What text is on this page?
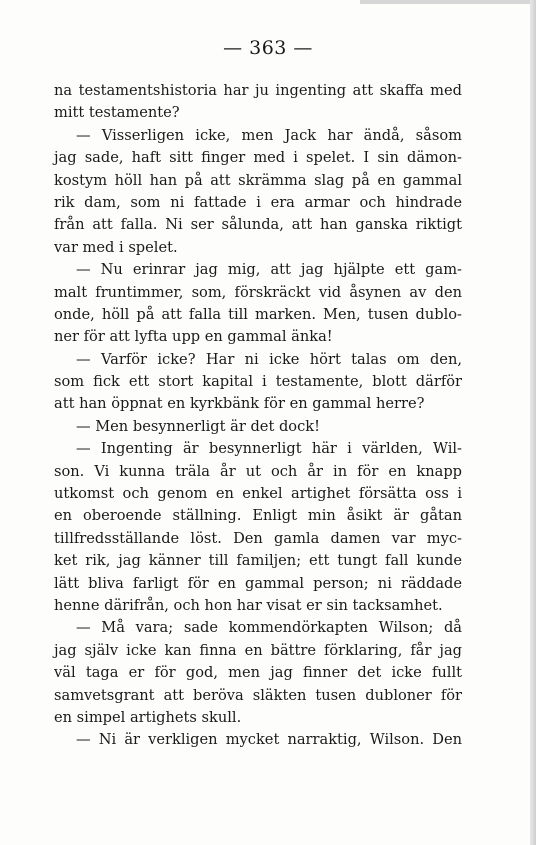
— 363 —
na testamentshistoria har ju ingenting att skaffa med
mitt testamente?
— Visserligen icke, men Jack har ändå, såsom
jag sade, haft sitt finger med i spelet. I sin dämon-
kostym höll han på att skrämma slag på en gammal
rik dam, som ni fattade i era armar och hindrade
från att falla. Ni ser sålunda, att han ganska riktigt
var med i spelet.
— Nu erinrar jag mig, att jag hjälpte ett gam-
malt fruntimmer, som, förskräckt vid åsynen av den
onde, höll på att falla till marken. Men, tusen dublo-
ner för att lyfta upp en gammal änka!
— Varför icke? Har ni icke hört talas om den,
som fick ett stort kapital i testamente, blott därför
att han öppnat en kyrkbänk för en gammal herre?
— Men besynnerligt är det dock!
— Ingenting är besynnerligt här i världen, Wil-
son. Vi kunna träla år ut och år in för en knapp
utkomst och genom en enkel artighet försätta oss i
en oberoende ställning. Enligt min åsikt är gåtan
tillfredsställande löst. Den gamla damen var myc-
ket rik, jag känner till familjen; ett tungt fall kunde
lätt bliva farligt för en gammal person; ni räddade
henne därifrån, och hon har visat er sin tacksamhet.
— Må vara; sade kommendörkapten Wilson; då
jag själv icke kan finna en bättre förklaring, får jag
väl taga er för god, men jag finner det icke fullt
samvetsgrant att beröva släkten tusen dubloner för
en simpel artighets skull.
— Ni är verkligen mycket narraktig, Wilson. Den
